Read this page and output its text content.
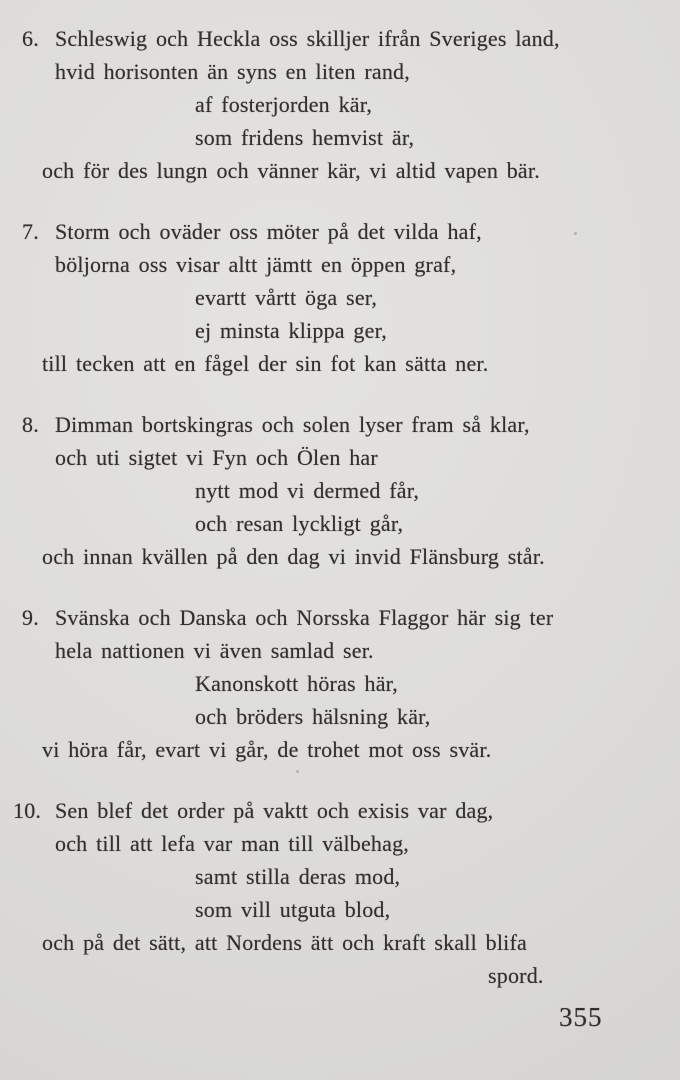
6. Schleswig och Heckla oss skilljer ifrån Sveriges land,
hvid horisonten än syns en liten rand,
af fosterjorden kär,
som fridens hemvist är,
och för des lungn och vänner kär, vi altid vapen bär.
7. Storm och oväder oss möter på det vilda haf,
böljorna oss visar altt jämtt en öppen graf,
evartt vårtt öga ser,
ej minsta klippa ger,
till tecken att en fågel der sin fot kan sätta ner.
8. Dimman bortskingras och solen lyser fram så klar,
och uti sigtet vi Fyn och Ölen har
nytt mod vi dermed får,
och resan lyckligt går,
och innan kvällen på den dag vi invid Flänsburg står.
9. Svänska och Danska och Norsska Flaggor här sig ter
hela nattionen vi även samlad ser.
Kanonskott höras här,
och bröders hälsning kär,
vi höra får, evart vi går, de trohet mot oss svär.
10. Sen blef det order på vaktt och exisis var dag,
och till att lefa var man till välbehag,
samt stilla deras mod,
som vill utguta blod,
och på det sätt, att Nordens ätt och kraft skall blifa
spord.
355
